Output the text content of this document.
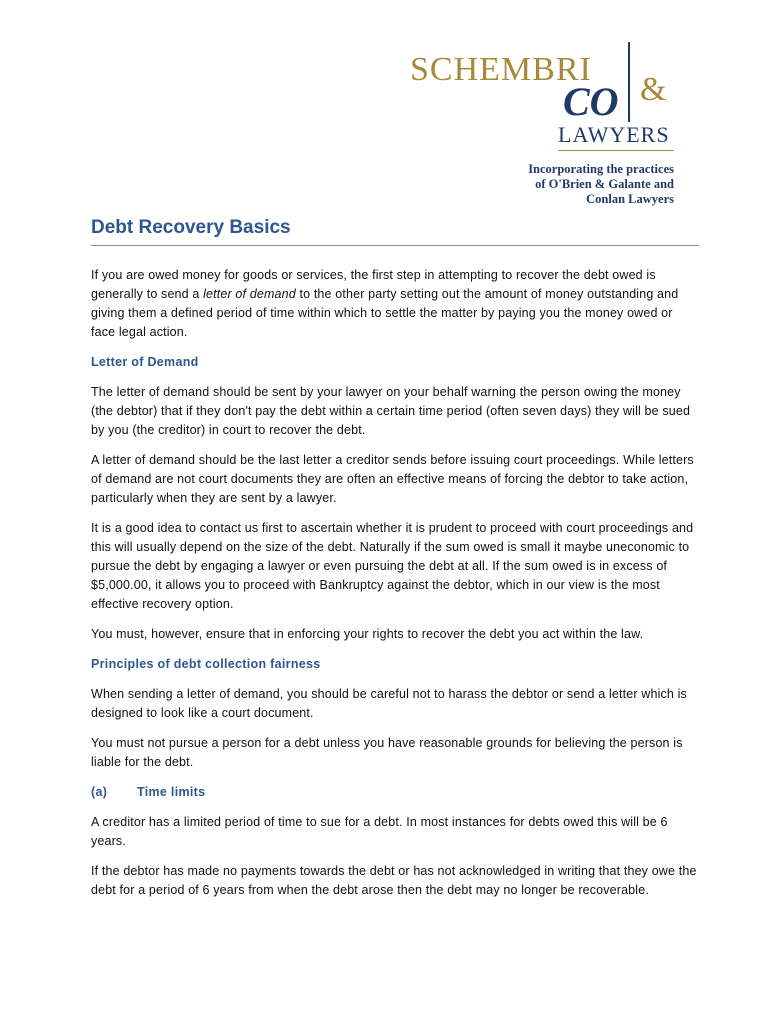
SCHEMBRI
&
CO
LAWYERS
Incorporating the practices
of O'Brien & Galante and
Conlan Lawyers
Debt Recovery Basics

If you are owed money for goods or services, the first step in attempting to recover the debt owed is generally to send a letter of demand to the other party setting out the amount of money outstanding and giving them a defined period of time within which to settle the matter by paying you the money owed or face legal action.

Letter of Demand

The letter of demand should be sent by your lawyer on your behalf warning the person owing the money (the debtor) that if they don't pay the debt within a certain time period (often seven days) they will be sued by you (the creditor) in court to recover the debt.

A letter of demand should be the last letter a creditor sends before issuing court proceedings. While letters of demand are not court documents they are often an effective means of forcing the debtor to take action, particularly when they are sent by a lawyer.

It is a good idea to contact us first to ascertain whether it is prudent to proceed with court proceedings and this will usually depend on the size of the debt. Naturally if the sum owed is small it maybe uneconomic to pursue the debt by engaging a lawyer or even pursuing the debt at all. If the sum owed is in excess of $5,000.00, it allows you to proceed with Bankruptcy against the debtor, which in our view is the most effective recovery option.

You must, however, ensure that in enforcing your rights to recover the debt you act within the law.

Principles of debt collection fairness

When sending a letter of demand, you should be careful not to harass the debtor or send a letter which is designed to look like a court document.

You must not pursue a person for a debt unless you have reasonable grounds for believing the person is liable for the debt.

(a) Time limits

A creditor has a limited period of time to sue for a debt. In most instances for debts owed this will be 6 years.

If the debtor has made no payments towards the debt or has not acknowledged in writing that they owe the debt for a period of 6 years from when the debt arose then the debt may no longer be recoverable.
